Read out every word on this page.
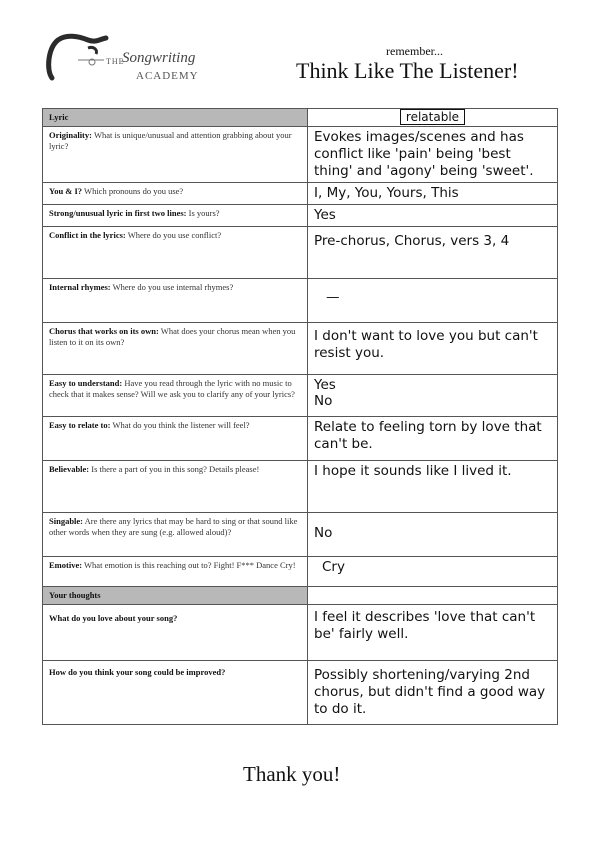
THE
Songwriting
ACADEMY
remember...
Think Like The Listener!
Lyric	relatable
Originality: What is unique/unusual and attention grabbing about your lyric?	Evokes images/scenes and has conflict like 'pain' being 'best thing' and 'agony' being 'sweet'.
You & I? Which pronouns do you use?	I, My, You, Yours, This
Strong/unusual lyric in first two lines: Is yours?	Yes
Conflict in the lyrics: Where do you use conflict?	Pre-chorus, Chorus, vers 3, 4
Internal rhymes: Where do you use internal rhymes?	—
Chorus that works on its own: What does your chorus mean when you listen to it on its own?	I don't want to love you but can't resist you.
Easy to understand: Have you read through the lyric with no music to check that it makes sense? Will we ask you to clarify any of your lyrics?	Yes
No
Easy to relate to: What do you think the listener will feel?	Relate to feeling torn by love that can't be.
Believable: Is there a part of you in this song? Details please!	I hope it sounds like I lived it.
Singable: Are there any lyrics that may be hard to sing or that sound like other words when they are sung (e.g. allowed aloud)?	No
Emotive: What emotion is this reaching out to? Fight! F*** Dance Cry!	Cry
Your thoughts	
What do you love about your song?	I feel it describes 'love that can't be' fairly well.
How do you think your song could be improved?	Possibly shortening/varying 2nd chorus, but didn't find a good way to do it.
Thank you!
